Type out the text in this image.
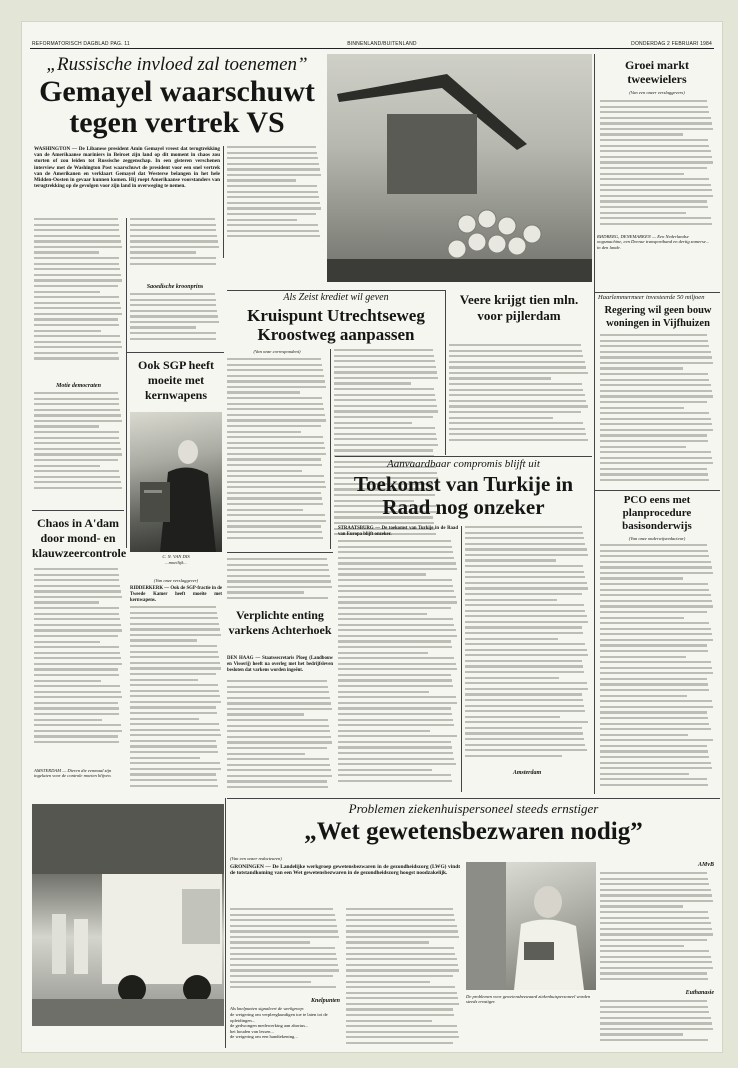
REFORMATORISCH DAGBLAD PAG. 11	BINNENLAND/BUITENLAND	DONDERDAG 2 FEBRUARI 1984
„Russische invloed zal toenemen”
Gemayel waarschuwt
tegen vertrek VS
WASHINGTON — De Libanese president Amin Gemayel vreest dat terugtrekking van de Amerikaanse mariniers in Beiroet zijn land op dit moment in chaos zou storten of zou leiden tot Russische zeggenschap. In een gisteren verschenen interview met de Washington Post waarschuwt de president voor een snel vertrek van de Amerikanen en verklaart Gemayel dat Westerse belangen in het hele Midden-Oosten in gevaar kunnen komen. Hij roept Amerikaanse voorstanders van terugtrekking op de gevolgen voor zijn land in overweging te nemen.
Saoedische kroonprins
Motie democraten
Ook SGP heeft moeite met kernwapens
C. N. VAN DIS
...moeilijk...
(Van onze verslaggever)
RIDDERKERK — Ook de SGP-fractie in de Tweede Kamer heeft moeite met kernwapens.
Chaos in A'dam door mond- en klauwzeercontrole
AMSTERDAM — Dieren die eenmaal zijn ingelaten voor de controle moeten blijven.
Als Zeist krediet wil geven
Kruispunt Utrechtseweg Kroostweg aanpassen
(Van onze correspondent)
RØDBERG, DENEMARKEN — Een Nederlandse oogsmachine, een Deense transportband en dertig zomerse... in den lande.
Veere krijgt tien mln. voor pijlerdam
Verplichte enting varkens Achterhoek
DEN HAAG — Staatssecretaris Ploeg (Landbouw en Visserij) heeft na overleg met het bedrijfsleven besloten dat varkens worden ingeënt.
Aanvaardbaar compromis blijft uit
Toekomst van Turkije in Raad nog onzeker
STRAATSBURG — De toekomst van Turkije in de Raad van Europa blijft onzeker.
Amsterdam
Groei markt tweewielers
(Van een onzer verslaggevers)
Haarlemmermeer investeerde 50 miljoen
Regering wil geen bouw woningen in Vijfhuizen
PCO eens met planprocedure basisonderwijs
(Van onze onderwijsredacteur)
Problemen ziekenhuispersoneel steeds ernstiger
„Wet gewetensbezwaren nodig”
(Van een onzer redacteuren)
GRONINGEN — De Landelijke werkgroep gewetensbezwaren in de gezondheidszorg (LWG) vindt de totstandkoming van een Wet gewetensbezwaren in de gezondheidszorg hoogst noodzakelijk.
Knelpunten
Als knelpunten signaleert de werkgroep:
de weigering om verpleegkundigen toe te laten tot de opleidingen...
de gedwongen medewerking aan abortus...
het houden van lessen...
de weigering om een handtekening...
De problemen voor gewetensbezwaard ziekenhuispersoneel worden steeds ernstiger.
AMvB
Euthanasie
